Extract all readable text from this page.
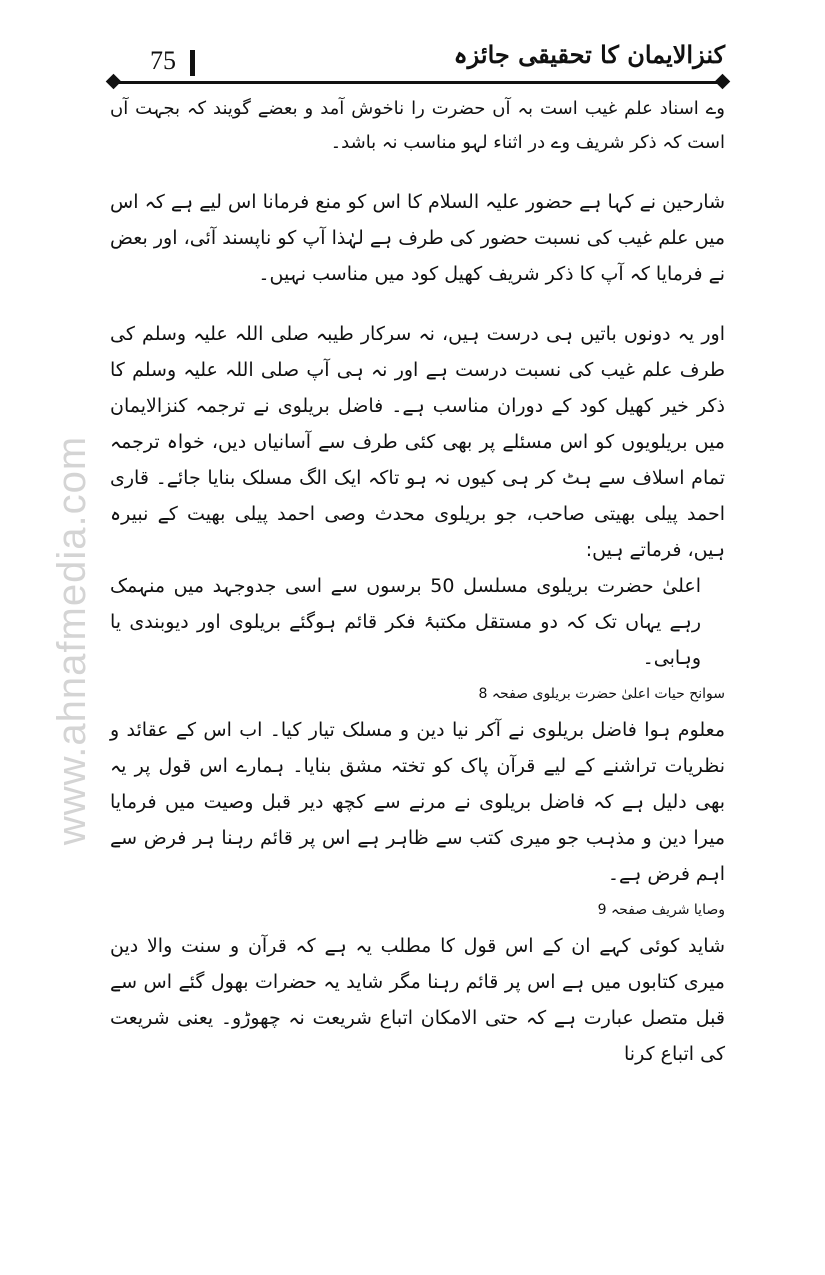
www.ahnafmedia.com
75	کنزالایمان کا تحقیقی جائزہ

وے اسناد علم غیب است بہ آں حضرت را ناخوش آمد و بعضے گویند کہ بجہت آں است کہ ذکر شریف وے در اثناء لہو مناسب نہ باشد۔

شارحین نے کہا ہے حضور علیہ السلام کا اس کو منع فرمانا اس لیے ہے کہ اس میں علم غیب کی نسبت حضور کی طرف ہے لہٰذا آپ کو ناپسند آئی، اور بعض نے فرمایا کہ آپ کا ذکر شریف کھیل کود میں مناسب نہیں۔

اور یہ دونوں باتیں ہی درست ہیں، نہ سرکار طیبہ صلی اللہ علیہ وسلم کی طرف علم غیب کی نسبت درست ہے اور نہ ہی آپ صلی اللہ علیہ وسلم کا ذکر خیر کھیل کود کے دوران مناسب ہے۔ فاضل بریلوی نے ترجمہ کنزالایمان میں بریلویوں کو اس مسئلے پر بھی کئی طرف سے آسانیاں دیں، خواہ ترجمہ تمام اسلاف سے ہٹ کر ہی کیوں نہ ہو تاکہ ایک الگ مسلک بنایا جائے۔ قاری احمد پیلی بھیتی صاحب، جو بریلوی محدث وصی احمد پیلی بھیت کے نبیرہ ہیں، فرماتے ہیں:

اعلیٰ حضرت بریلوی مسلسل 50 برسوں سے اسی جدوجہد میں منہمک رہے یہاں تک کہ دو مستقل مکتبۂ فکر قائم ہوگئے بریلوی اور دیوبندی یا وہابی۔

سوانح حیات اعلیٰ حضرت بریلوی صفحہ 8

معلوم ہوا فاضل بریلوی نے آکر نیا دین و مسلک تیار کیا۔ اب اس کے عقائد و نظریات تراشنے کے لیے قرآن پاک کو تختہ مشق بنایا۔ ہمارے اس قول پر یہ بھی دلیل ہے کہ فاضل بریلوی نے مرنے سے کچھ دیر قبل وصیت میں فرمایا میرا دین و مذہب جو میری کتب سے ظاہر ہے اس پر قائم رہنا ہر فرض سے اہم فرض ہے۔

وصایا شریف صفحہ 9

شاید کوئی کہے ان کے اس قول کا مطلب یہ ہے کہ قرآن و سنت والا دین میری کتابوں میں ہے اس پر قائم رہنا مگر شاید یہ حضرات بھول گئے اس سے قبل متصل عبارت ہے کہ حتی الامکان اتباع شریعت نہ چھوڑو۔ یعنی شریعت کی اتباع کرنا
